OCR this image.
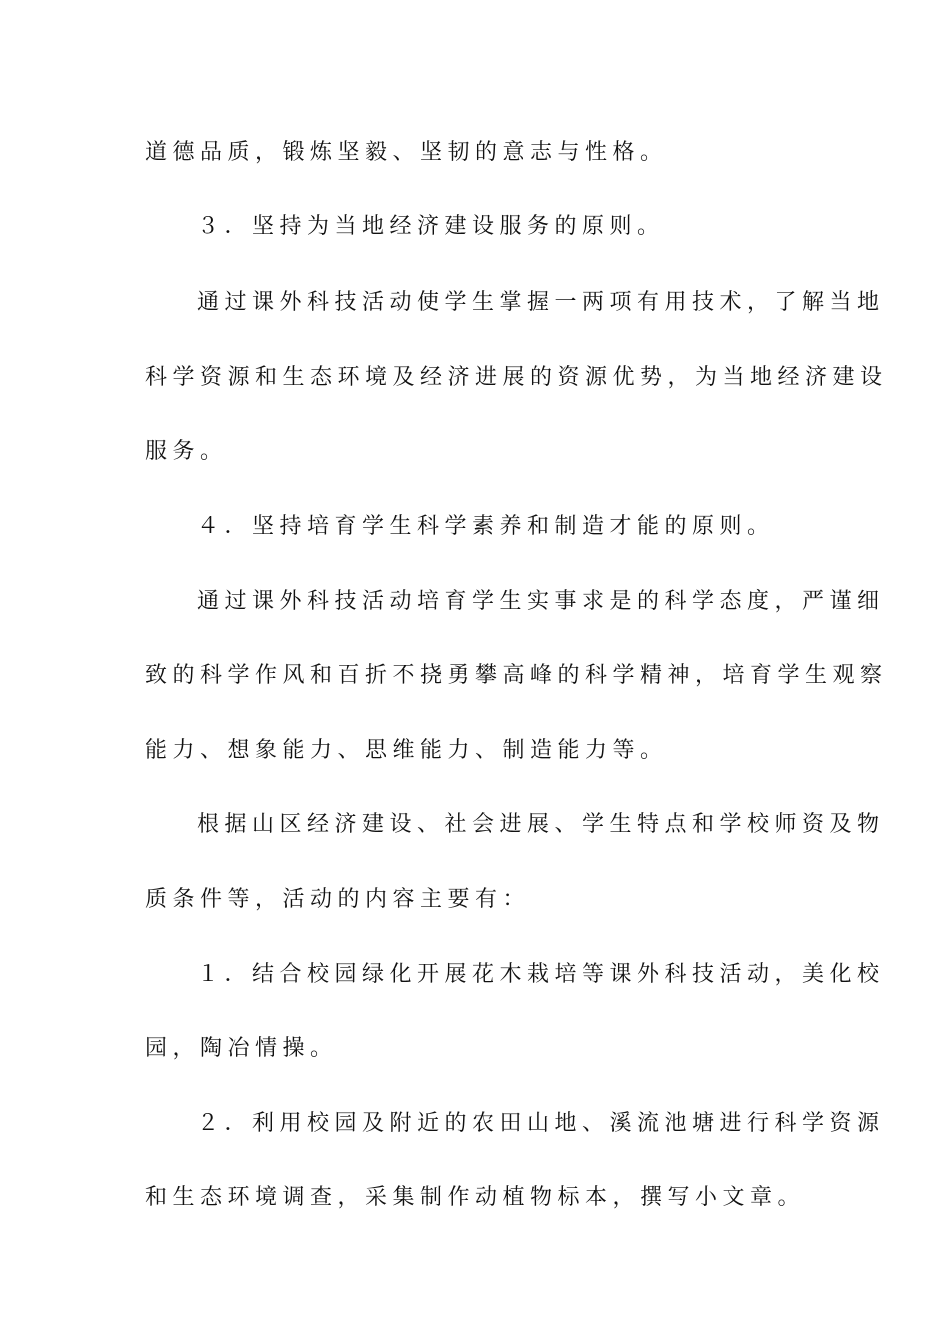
道德品质，锻炼坚毅、坚韧的意志与性格。
３．坚持为当地经济建设服务的原则。
通过课外科技活动使学生掌握一两项有用技术，了解当地
科学资源和生态环境及经济进展的资源优势，为当地经济建设
服务。
４．坚持培育学生科学素养和制造才能的原则。
通过课外科技活动培育学生实事求是的科学态度，严谨细
致的科学作风和百折不挠勇攀高峰的科学精神，培育学生观察
能力、想象能力、思维能力、制造能力等。
根据山区经济建设、社会进展、学生特点和学校师资及物
质条件等，活动的内容主要有：
１．结合校园绿化开展花木栽培等课外科技活动，美化校
园，陶冶情操。
２．利用校园及附近的农田山地、溪流池塘进行科学资源
和生态环境调查，采集制作动植物标本，撰写小文章。
